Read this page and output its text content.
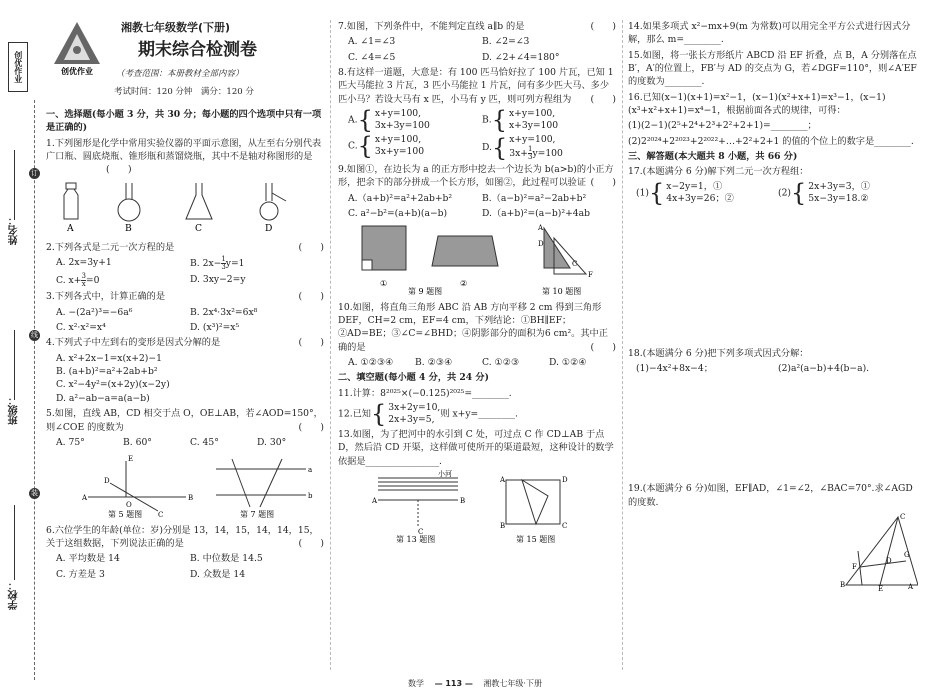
创优作业
订
线
装
姓名：
班级：
学校：
创优作业
湘教七年级数学(下册)
期末综合检测卷
（考查范围：本册教材全部内容）
考试时间：120 分钟　满分：120 分
一、选择题(每小题 3 分，共 30 分；每小题的四个选项中只有一项是正确的)
1.下列图形是化学中常用实验仪器的平面示意图，从左至右分别代表广口瓶、圆底烧瓶、锥形瓶和蒸馏烧瓶，其中不是轴对称图形的是 (　　)
A	B	C	D
2.下列各式是二元一次方程的是	(　　)
A. 2x=3y+1	B. $2x- \frac{1}{3} y=1$
C. $x+ \frac{3}{x} =0$	D. 3xy−2=y
3.下列各式中，计算正确的是	(　　)
A. −(2a²)³=−6a⁶	B. 2x⁴·3x²=6x⁸
C. x²·x²=x⁴	D. (x³)²=x⁵
4.下列式子中左到右的变形是因式分解的是	(　　)
A. x²+2x−1=x(x+2)−1
B. (a+b)²=a²+2ab+b²
C. x²−4y²=(x+2y)(x−2y)
D. a²−ab−a=a(a−b)
5.如图，直线 AB，CD 相交于点 O，OE⊥AB，若∠AOD=150°，则∠COE 的度数为	(　　)
A. 75°	B. 60°	C. 45°	D. 30°
A	B
D
C
E
O
a
b
第 5 题图	第 7 题图
6.六位学生的年龄(单位：岁)分别是 13，14，15，14，14，15，关于这组数据，下列说法正确的是	(　　)
A. 平均数是 14	B. 中位数是 14.5
C. 方差是 3	D. 众数是 14
7.如图，下列条件中，不能判定直线 a∥b 的是	(　　)
A. ∠1=∠3	B. ∠2=∠3
C. ∠4=∠5	D. ∠2+∠4=180°
8.有这样一道题，大意是：有 100 匹马恰好拉了 100 片瓦，已知 1 匹大马能拉 3 片瓦，3 匹小马能拉 1 片瓦，问有多少匹大马、多少匹小马？若设大马有 x 匹，小马有 y 匹，则可列方程组为 (　　)
A. { x+y=100,
3x+3y=100	B. { x+y=100,
x+3y=100
C. { x+y=100,
3x+y=100	D. { x+y=100,
$3x+ \frac{1}{3} y=100$
9.如图①，在边长为 a 的正方形中挖去一个边长为 b(a>b)的小正方形，把余下的部分拼成一个长方形，如图②，此过程可以验证 (　　)
A.（a+b)²=a²+2ab+b²	B.（a−b)²=a²−2ab+b²
C. a²−b²=(a+b)(a−b)	D.（a+b)²=(a−b)²+4ab
①	②
A
D
F
C
第 9 题图	第 10 题图
10.如图，将直角三角形 ABC 沿 AB 方向平移 2 cm 得到三角形 DEF，CH=2 cm，EF=4 cm，下列结论：①BH∥EF；②AD=BE；③∠C=∠BHD；④阴影部分的面积为6 cm²。其中正确的是	(　　)
A. ①②③④	B. ②③④	C. ①②③	D. ①②④
二、填空题(每小题 4 分，共 24 分)
11.计算：8²⁰²⁵×(−0.125)²⁰²⁵=________.
12.已知 { 3x+2y=10,
2x+3y=5, 则 x+y=________.
13.如图，为了把河中的水引到 C 处，可过点 C 作 CD⊥AB 于点 D，然后沿 CD 开渠，这样做可使所开的渠道最短，这种设计的数学依据是________________.
小河
A	B
C
A	D
B	C
第 13 题图	第 15 题图
14.如果多项式 x²−mx+9(m 为常数)可以用完全平方公式进行因式分解，那么 m=________.
15.如图，将一张长方形纸片 ABCD 沿 EF 折叠，点 B，A 分别落在点 B′，A′的位置上，FB′与 AD 的交点为 G，若∠DGF=110°，则∠A′EF 的度数为________.
16.已知(x−1)(x+1)=x²−1，(x−1)(x²+x+1)=x³−1，(x−1)(x³+x²+x+1)=x⁴−1，根据前面各式的规律，可得：
(1)(2−1)(2⁵+2⁴+2³+2²+2+1)=________；
(2)2²⁰²⁴+2²⁰²³+2²⁰²²+…+2²+2+1 的值的个位上的数字是________.
三、解答题(本大题共 8 小题，共 66 分)
17.(本题满分 6 分)解下列二元一次方程组：
(1) { x−2y=1，①
4x+3y=26；②	(2) { 2x+3y=3，①
5x−3y=18.②
18.(本题满分 6 分)把下列多项式因式分解：
(1)−4x²+8x−4；	(2)a²(a−b)+4(b−a).
19.(本题满分 6 分)如图，EF∥AD，∠1=∠2，∠BAC=70°.求∠AGD 的度数.
C
B	A
E
F
G
D
数学 — 113 — 湘教七年级·下册
